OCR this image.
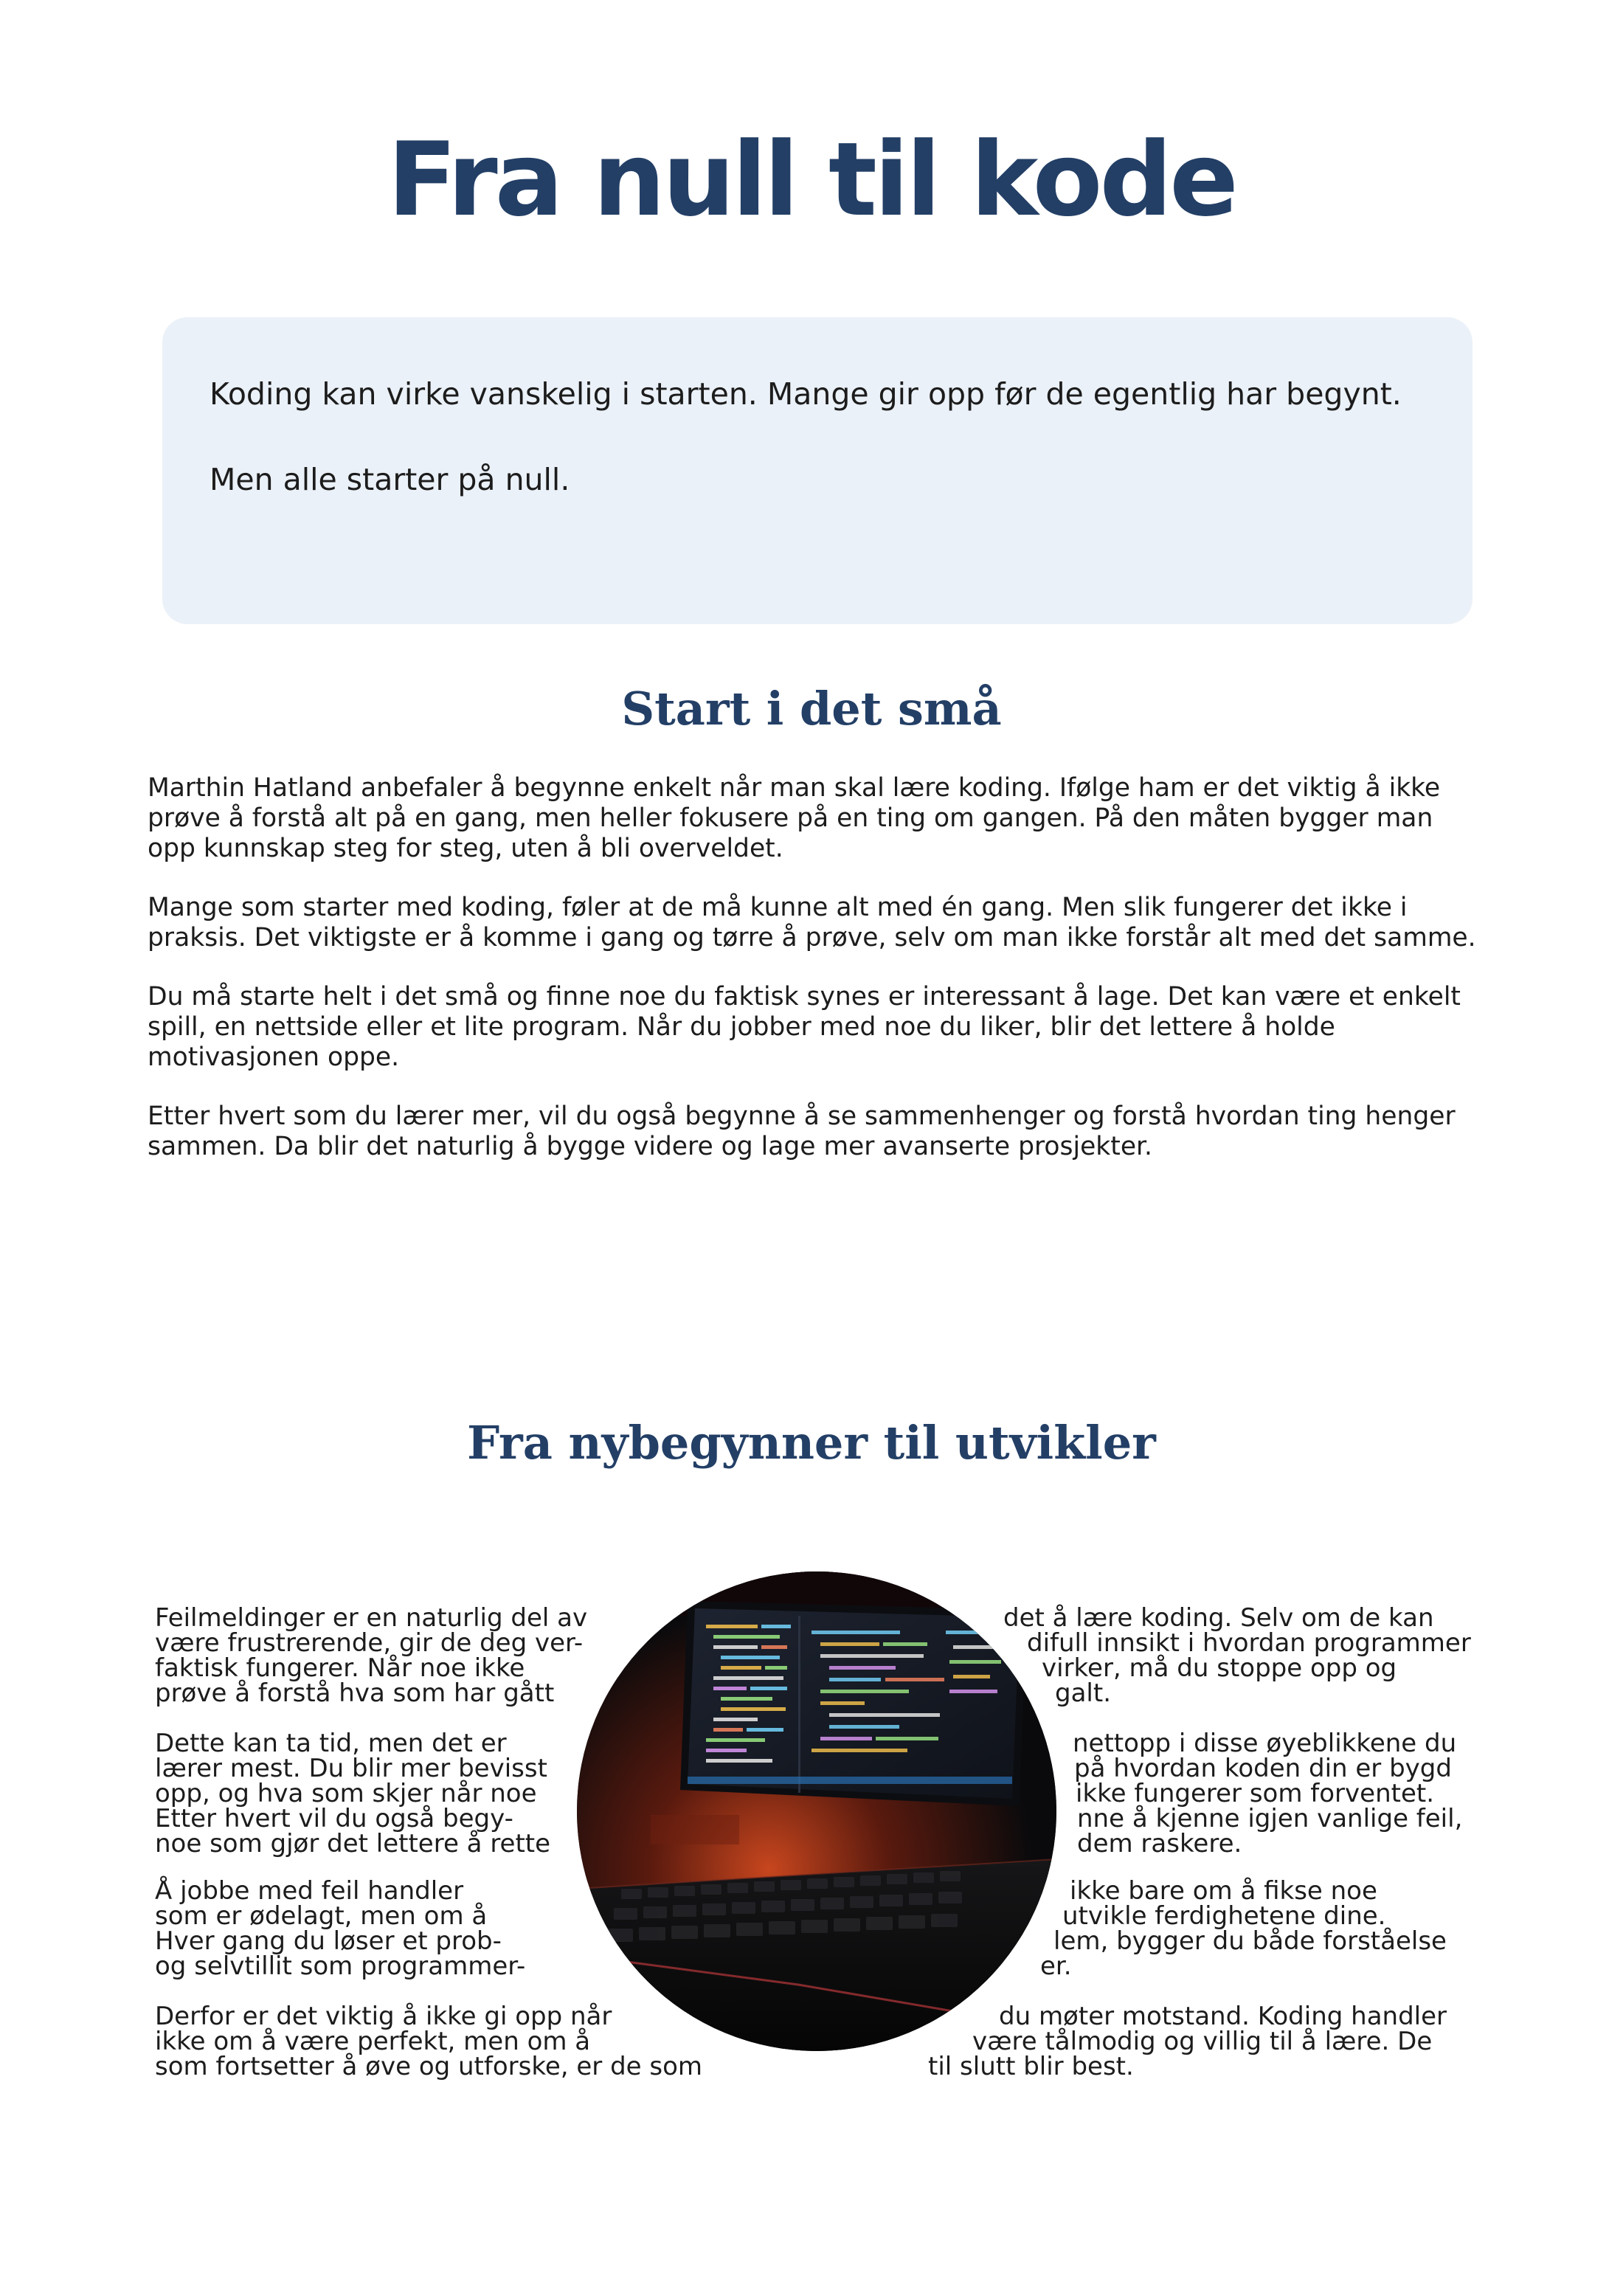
Fra null til kode

Koding kan virke vanskelig i starten. Mange gir opp før de egentlig har begynt.

Men alle starter på null.

Start i det små

Marthin Hatland anbefaler å begynne enkelt når man skal lære koding. Ifølge ham er det viktig å ikke prøve å forstå alt på en gang, men heller fokusere på en ting om gangen. På den måten bygger man opp kunnskap steg for steg, uten å bli overveldet.

Mange som starter med koding, føler at de må kunne alt med én gang. Men slik fungerer det ikke i praksis. Det viktigste er å komme i gang og tørre å prøve, selv om man ikke forstår alt med det samme.

Du må starte helt i det små og finne noe du faktisk synes er interessant å lage. Det kan være et enkelt spill, en nettside eller et lite program. Når du jobber med noe du liker, blir det lettere å holde motivasjonen oppe.

Etter hvert som du lærer mer, vil du også begynne å se sammenhenger og forstå hvordan ting henger sammen. Da blir det naturlig å bygge videre og lage mer avanserte prosjekter.

Fra nybegynner til utvikler

Feilmeldinger er en naturlig del av

være frustrerende, gir de deg ver-

faktisk fungerer. Når noe ikke

prøve å forstå hva som har gått

Dette kan ta tid, men det er

lærer mest. Du blir mer bevisst

opp, og hva som skjer når noe

Etter hvert vil du også begy-

noe som gjør det lettere å rette

Å jobbe med feil handler

som er ødelagt, men om å

Hver gang du løser et prob-

og selvtillit som programmer-

Derfor er det viktig å ikke gi opp når

ikke om å være perfekt, men om å

som fortsetter å øve og utforske, er de som

det å lære koding. Selv om de kan

difull innsikt i hvordan programmer

virker, må du stoppe opp og

galt.

nettopp i disse øyeblikkene du

på hvordan koden din er bygd

ikke fungerer som forventet.

nne å kjenne igjen vanlige feil,

dem raskere.

ikke bare om å fikse noe

utvikle ferdighetene dine.

lem, bygger du både forståelse

er.

du møter motstand. Koding handler

være tålmodig og villig til å lære. De

til slutt blir best.
